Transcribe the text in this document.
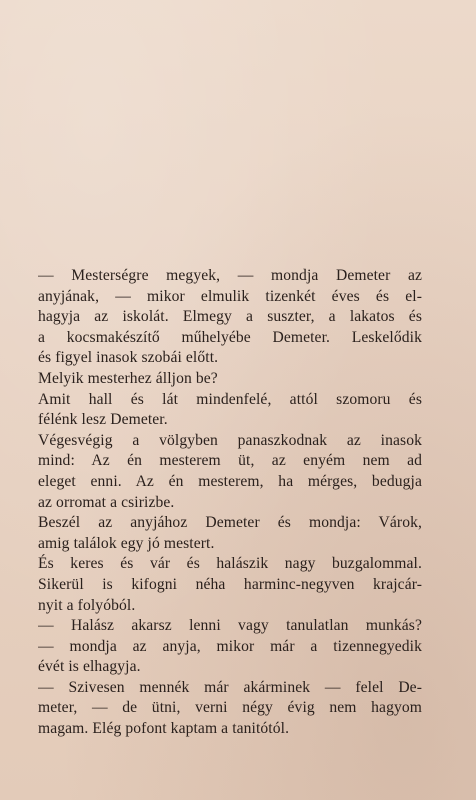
— Mesterségre megyek, — mondja Demeter az
anyjának, — mikor elmulik tizenkét éves és el-
hagyja az iskolát. Elmegy a suszter, a lakatos és
a kocsmakészítő műhelyébe Demeter. Leskelődik
és figyel inasok szobái előtt.
Melyik mesterhez álljon be?
Amit hall és lát mindenfelé, attól szomoru és
félénk lesz Demeter.
Végesvégig a völgyben panaszkodnak az inasok
mind: Az én mesterem üt, az enyém nem ad
eleget enni. Az én mesterem, ha mérges, bedugja
az orromat a csirizbe.
Beszél az anyjához Demeter és mondja: Várok,
amig találok egy jó mestert.
És keres és vár és halászik nagy buzgalommal.
Sikerül is kifogni néha harminc-negyven krajcár-
nyit a folyóból.
— Halász akarsz lenni vagy tanulatlan munkás?
— mondja az anyja, mikor már a tizennegyedik
évét is elhagyja.
— Szivesen mennék már akárminek — felel De-
meter, — de ütni, verni négy évig nem hagyom
magam. Elég pofont kaptam a tanitótól.
